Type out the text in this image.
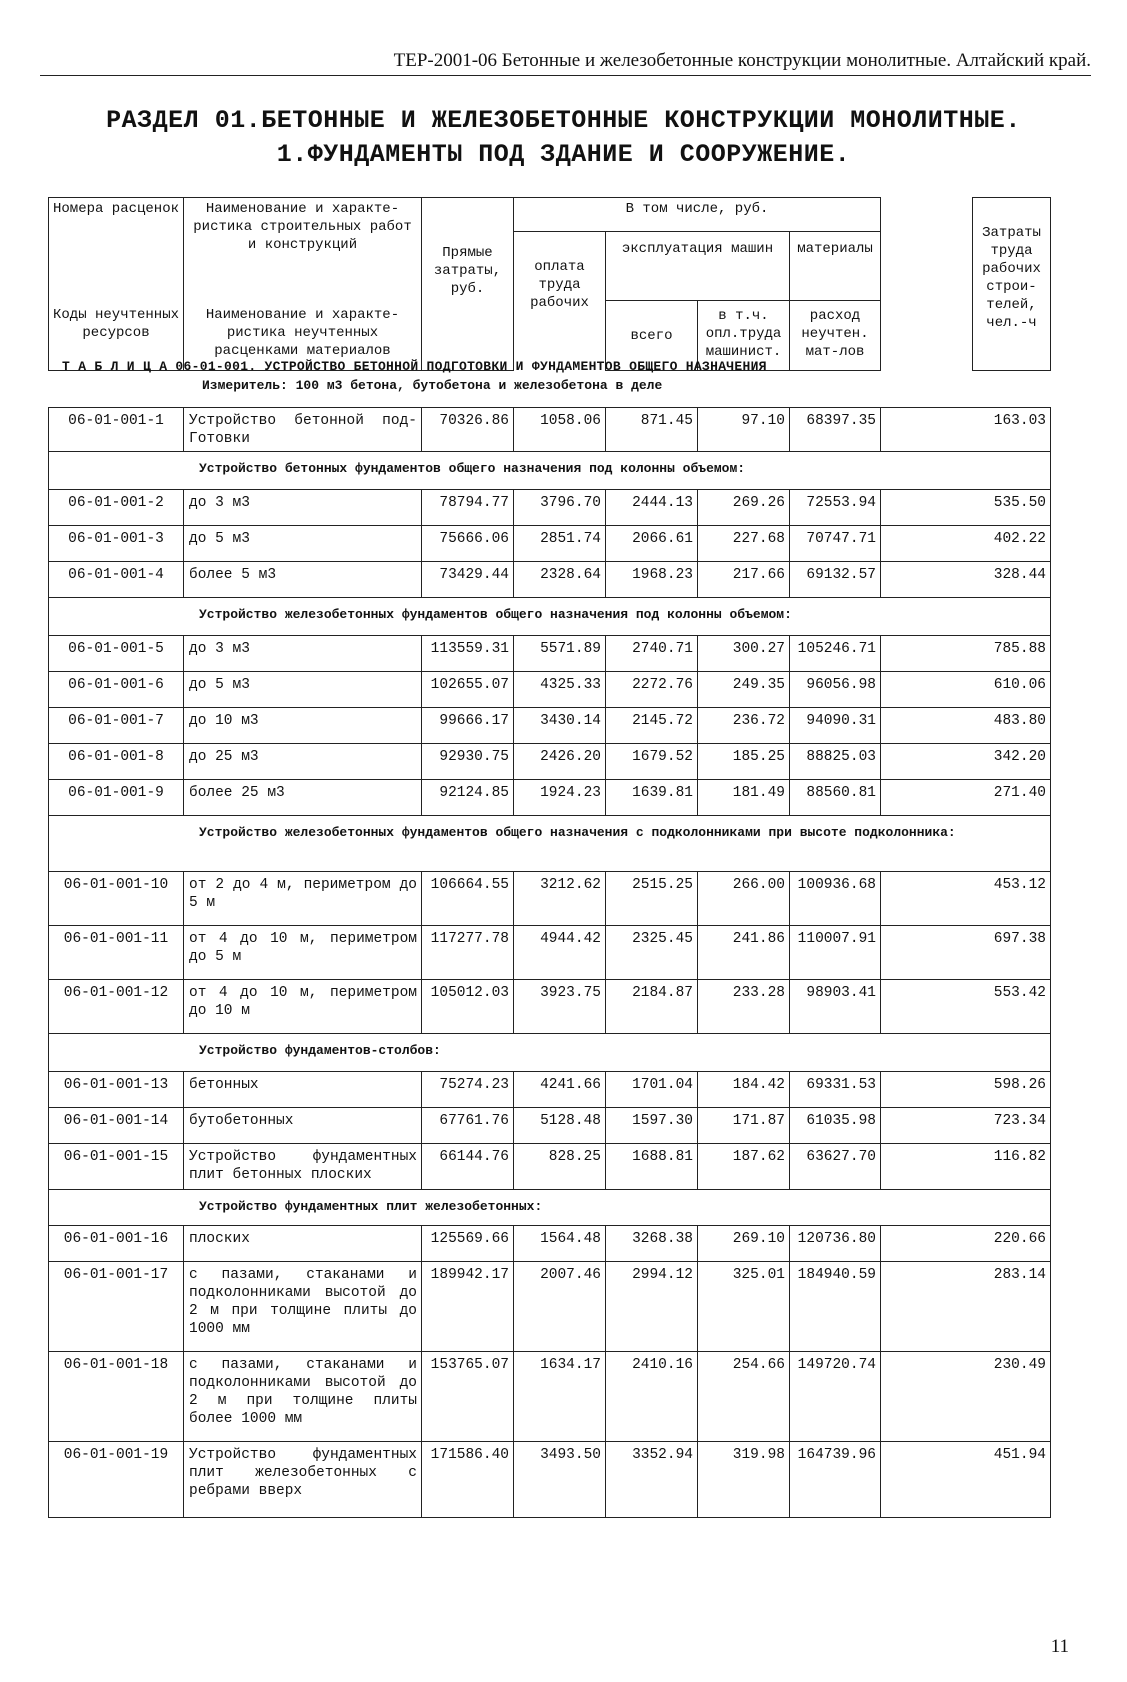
ТЕР-2001-06 Бетонные и железобетонные конструкции монолитные. Алтайский край.
РАЗДЕЛ 01.БЕТОННЫЕ И ЖЕЛЕЗОБЕТОННЫЕ КОНСТРУКЦИИ МОНОЛИТНЫЕ.
1.ФУНДАМЕНТЫ ПОД ЗДАНИЕ И СООРУЖЕНИЕ.
Номера расценок	Наименование и характе- ристика строительных работ и конструкций	Прямые затраты, руб.	В том числе, руб.					Затраты труда рабочих строи- телей, чел.-ч
			оплата труда рабочих	эксплуатация машин		материалы		
Коды неучтенных ресурсов	Наименование и характе- ристика неучтенных расценками материалов			всего	в т.ч. опл.труда машинист.	расход неучтен. мат-лов		
Т А Б Л И Ц А 06-01-001. УСТРОЙСТВО БЕТОННОЙ ПОДГОТОВКИ И ФУНДАМЕНТОВ ОБЩЕГО НАЗНАЧЕНИЯ
Измеритель: 100 м3 бетона, бутобетона и железобетона в деле
06-01-001-1	Устройство бетонной под- Готовки	70326.86	1058.06	871.45	97.10	68397.35	163.03
Устройство бетонных фундаментов общего назначения под колонны объемом:							
06-01-001-2	до 3 м3	78794.77	3796.70	2444.13	269.26	72553.94	535.50
06-01-001-3	до 5 м3	75666.06	2851.74	2066.61	227.68	70747.71	402.22
06-01-001-4	более 5 м3	73429.44	2328.64	1968.23	217.66	69132.57	328.44
Устройство железобетонных фундаментов общего назначения под колонны объемом:							
06-01-001-5	до 3 м3	113559.31	5571.89	2740.71	300.27	105246.71	785.88
06-01-001-6	до 5 м3	102655.07	4325.33	2272.76	249.35	96056.98	610.06
06-01-001-7	до 10 м3	99666.17	3430.14	2145.72	236.72	94090.31	483.80
06-01-001-8	до 25 м3	92930.75	2426.20	1679.52	185.25	88825.03	342.20
06-01-001-9	более 25 м3	92124.85	1924.23	1639.81	181.49	88560.81	271.40
Устройство железобетонных фундаментов общего назначения с подколонниками при высоте подколонника:							
06-01-001-10	от 2 до 4 м, периметром до 5 м	106664.55	3212.62	2515.25	266.00	100936.68	453.12
06-01-001-11	от 4 до 10 м, периметром до 5 м	117277.78	4944.42	2325.45	241.86	110007.91	697.38
06-01-001-12	от 4 до 10 м, периметром до 10 м	105012.03	3923.75	2184.87	233.28	98903.41	553.42
Устройство фундаментов-столбов:							
06-01-001-13	бетонных	75274.23	4241.66	1701.04	184.42	69331.53	598.26
06-01-001-14	бутобетонных	67761.76	5128.48	1597.30	171.87	61035.98	723.34
06-01-001-15	Устройство фундаментных плит бетонных плоских	66144.76	828.25	1688.81	187.62	63627.70	116.82
Устройство фундаментных плит железобетонных:							
06-01-001-16	плоских	125569.66	1564.48	3268.38	269.10	120736.80	220.66
06-01-001-17	с пазами, стаканами и подколонниками высотой до 2 м при толщине плиты до 1000 мм	189942.17	2007.46	2994.12	325.01	184940.59	283.14
06-01-001-18	с пазами, стаканами и подколонниками высотой до 2 м при толщине плиты более 1000 мм	153765.07	1634.17	2410.16	254.66	149720.74	230.49
06-01-001-19	Устройство фундаментных плит железобетонных с ребрами вверх	171586.40	3493.50	3352.94	319.98	164739.96	451.94
11
